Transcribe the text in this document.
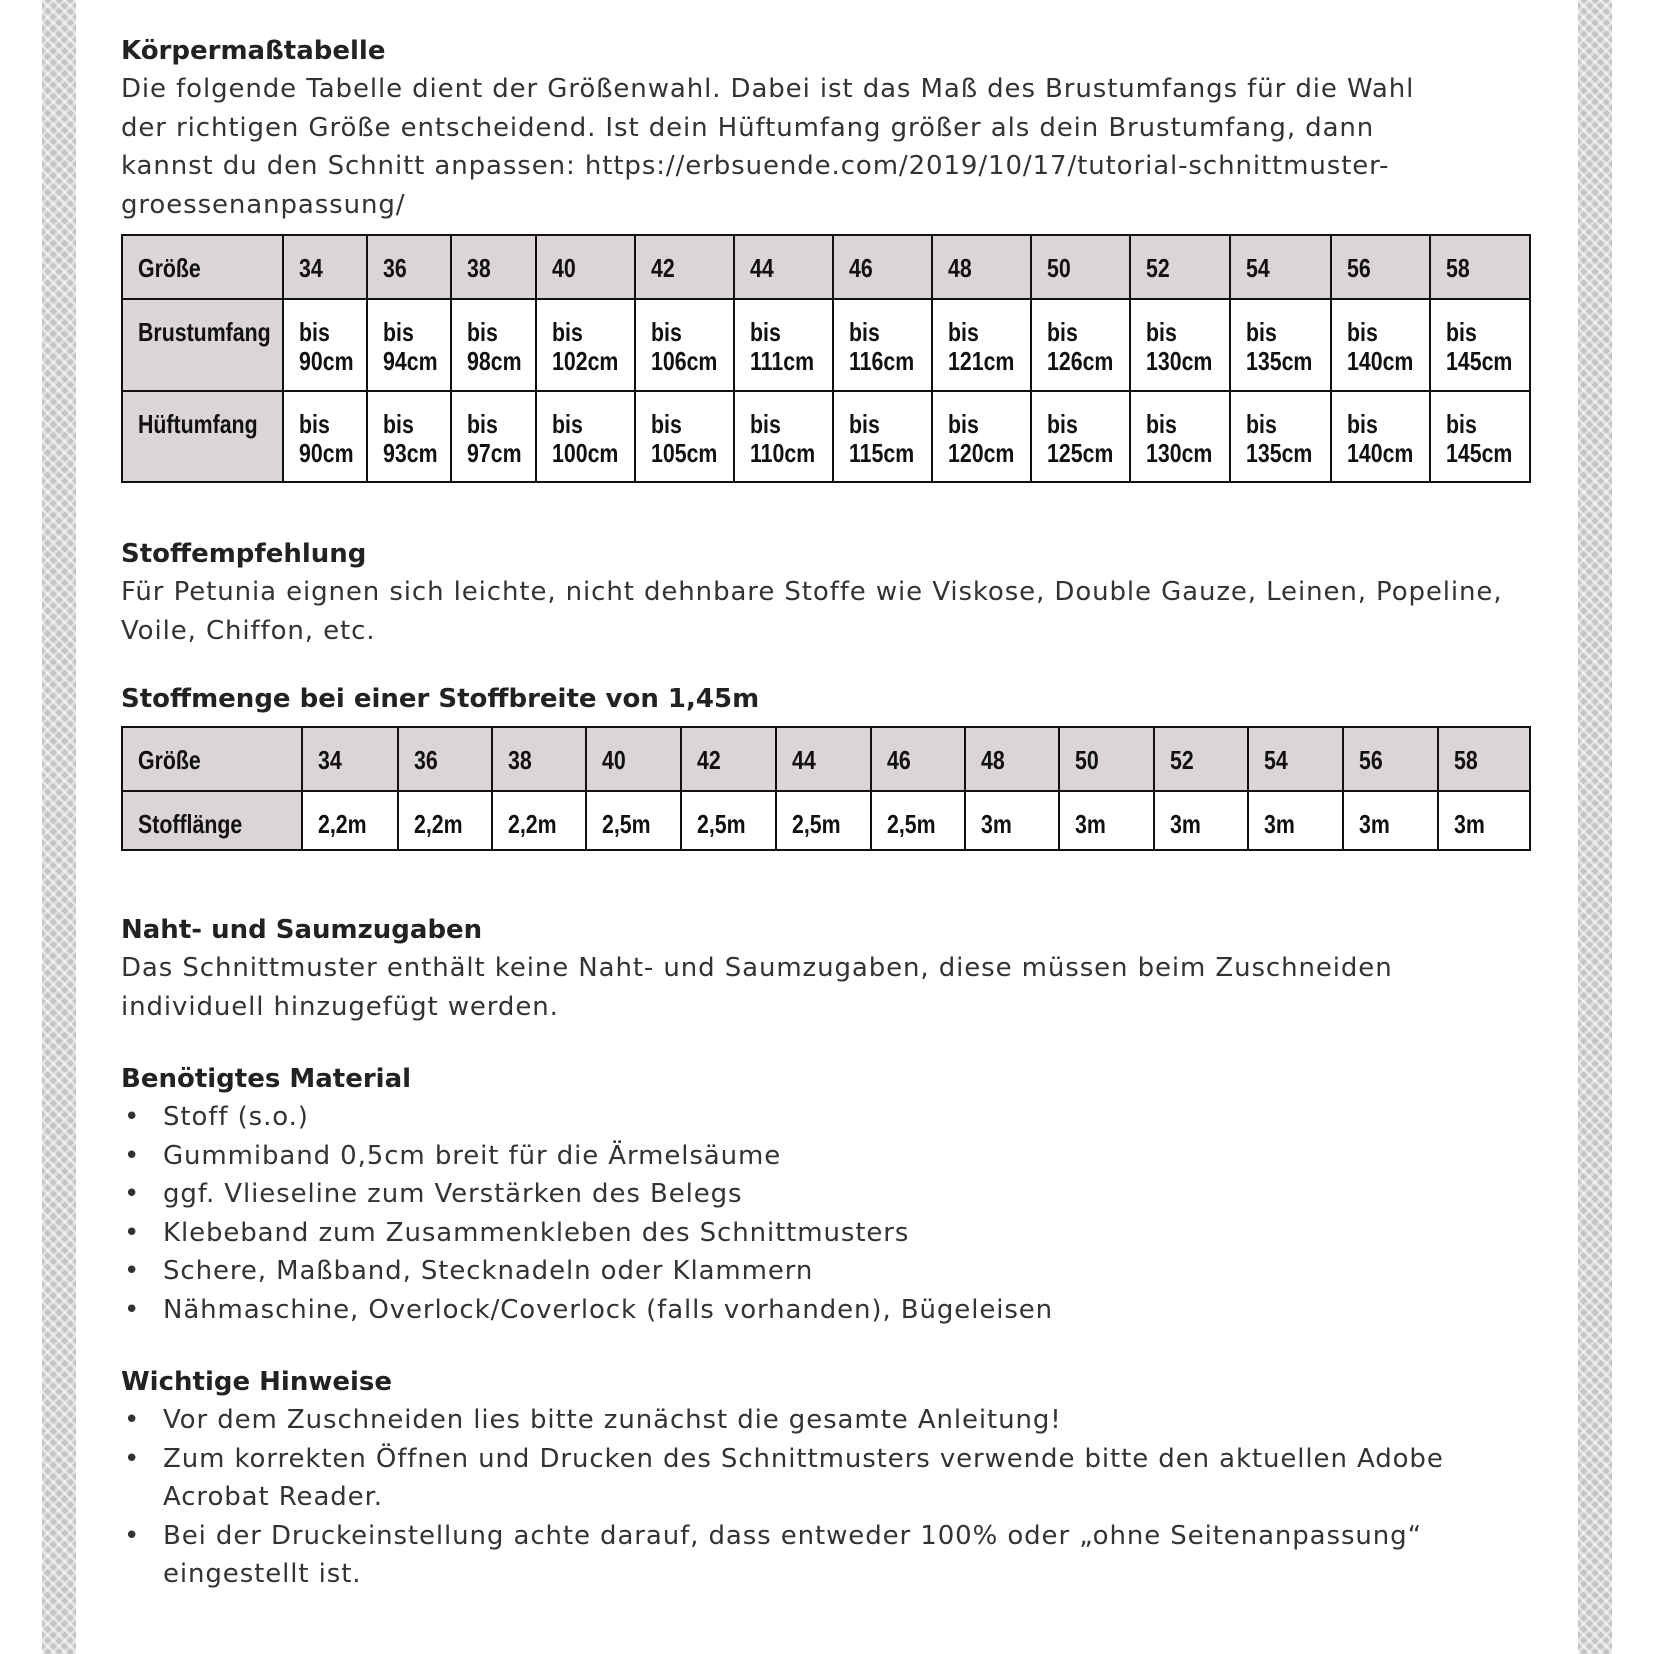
Körpermaßtabelle

Die folgende Tabelle dient der Größenwahl. Dabei ist das Maß des Brustumfangs für die Wahl der richtigen Größe entscheidend. Ist dein Hüftumfang größer als dein Brustumfang, dann kannst du den Schnitt anpassen: https://erbsuende.com/2019/10/17/tutorial-schnittmuster-groessenanpassung/

Größe	34	36	38	40	42	44	46	48	50	52	54	56	58
Brustumfang	bis 90cm	bis 94cm	bis 98cm	bis 102cm	bis 106cm	bis 111cm	bis 116cm	bis 121cm	bis 126cm	bis 130cm	bis 135cm	bis 140cm	bis 145cm
Hüftumfang	bis 90cm	bis 93cm	bis 97cm	bis 100cm	bis 105cm	bis 110cm	bis 115cm	bis 120cm	bis 125cm	bis 130cm	bis 135cm	bis 140cm	bis 145cm
Stoffempfehlung

Für Petunia eignen sich leichte, nicht dehnbare Stoffe wie Viskose, Double Gauze, Leinen, Popeline, Voile, Chiffon, etc.

Stoffmenge bei einer Stoffbreite von 1,45m
Größe	34	36	38	40	42	44	46	48	50	52	54	56	58
Stofflänge	2,2m	2,2m	2,2m	2,5m	2,5m	2,5m	2,5m	3m	3m	3m	3m	3m	3m
Naht- und Saumzugaben

Das Schnittmuster enthält keine Naht- und Saumzugaben, diese müssen beim Zuschneiden individuell hinzugefügt werden.

Benötigtes Material
• Stoff (s.o.)
• Gummiband 0,5cm breit für die Ärmelsäume
• ggf. Vlieseline zum Verstärken des Belegs
• Klebeband zum Zusammenkleben des Schnittmusters
• Schere, Maßband, Stecknadeln oder Klammern
• Nähmaschine, Overlock/Coverlock (falls vorhanden), Bügeleisen
Wichtige Hinweise
• Vor dem Zuschneiden lies bitte zunächst die gesamte Anleitung!
• Zum korrekten Öffnen und Drucken des Schnittmusters verwende bitte den aktuellen Adobe Acrobat Reader.
• Bei der Druckeinstellung achte darauf, dass entweder 100% oder „ohne Seitenanpassung“ eingestellt ist.
